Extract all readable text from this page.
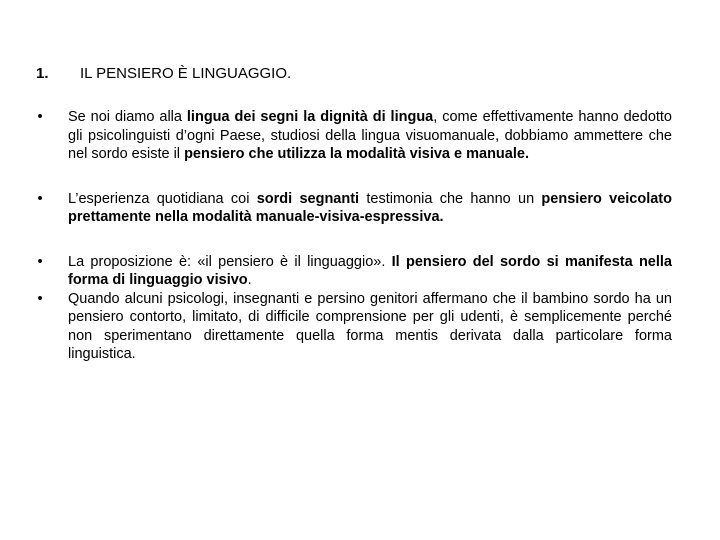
1.	IL PENSIERO È LINGUAGGIO.
•	Se noi diamo alla lingua dei segni la dignità di lingua, come effettivamente hanno dedotto gli psicolinguisti d’ogni Paese, studiosi della lingua visuomanuale, dobbiamo ammettere che nel sordo esiste il pensiero che utilizza la modalità visiva e manuale.
•	L’esperienza quotidiana coi sordi segnanti testimonia che hanno un pensiero veicolato prettamente nella modalità manuale-visiva-espressiva.
•	La proposizione è: «il pensiero è il linguaggio». Il pensiero del sordo si manifesta nella forma di linguaggio visivo.
•	Quando alcuni psicologi, insegnanti e persino genitori affermano che il bambino sordo ha un pensiero contorto, limitato, di difficile comprensione per gli udenti, è semplicemente perché non sperimentano direttamente quella forma mentis derivata dalla particolare forma linguistica.
